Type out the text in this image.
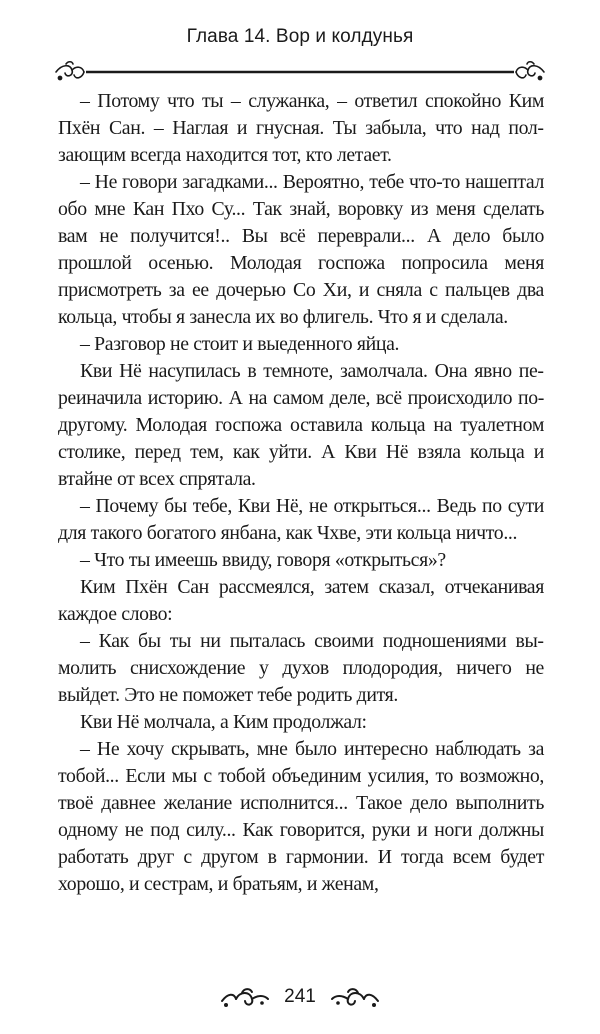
Глава 14. Вор и колдунья

– Потому что ты – служанка, – ответил спокойно Ким Пхён Сан. – Наглая и гнусная. Ты забыла, что над ползающим всегда находится тот, кто летает.

– Не говори загадками... Вероятно, тебе что-то нашептал обо мне Кан Пхо Су... Так знай, воровку из меня сделать вам не получится!.. Вы всё переврали... А дело было прошлой осенью. Молодая госпожа попросила меня присмотреть за ее дочерью Со Хи, и сняла с пальцев два кольца, чтобы я занесла их во флигель. Что я и сделала.

– Разговор не стоит и выеденного яйца.

Кви Нё насупилась в темноте, замолчала. Она явно переиначила историю. А на самом деле, всё происходило по-другому. Молодая госпожа оставила кольца на туалетном столике, перед тем, как уйти. А Кви Нё взяла кольца и втайне от всех спрятала.

– Почему бы тебе, Кви Нё, не открыться... Ведь по сути для такого богатого янбана, как Чхве, эти кольца ничто...

– Что ты имеешь ввиду, говоря «открыться»?

Ким Пхён Сан рассмеялся, затем сказал, отчеканивая каждое слово:

– Как бы ты ни пыталась своими подношениями вымолить снисхождение у духов плодородия, ничего не выйдет. Это не поможет тебе родить дитя.

Кви Нё молчала, а Ким продолжал:

– Не хочу скрывать, мне было интересно наблюдать за тобой... Если мы с тобой объединим усилия, то возможно, твоё давнее желание исполнится... Такое дело выполнить одному не под силу... Как говорится, руки и ноги должны работать друг с другом в гармонии. И тогда всем будет хорошо, и сестрам, и братьям, и женам,

241
